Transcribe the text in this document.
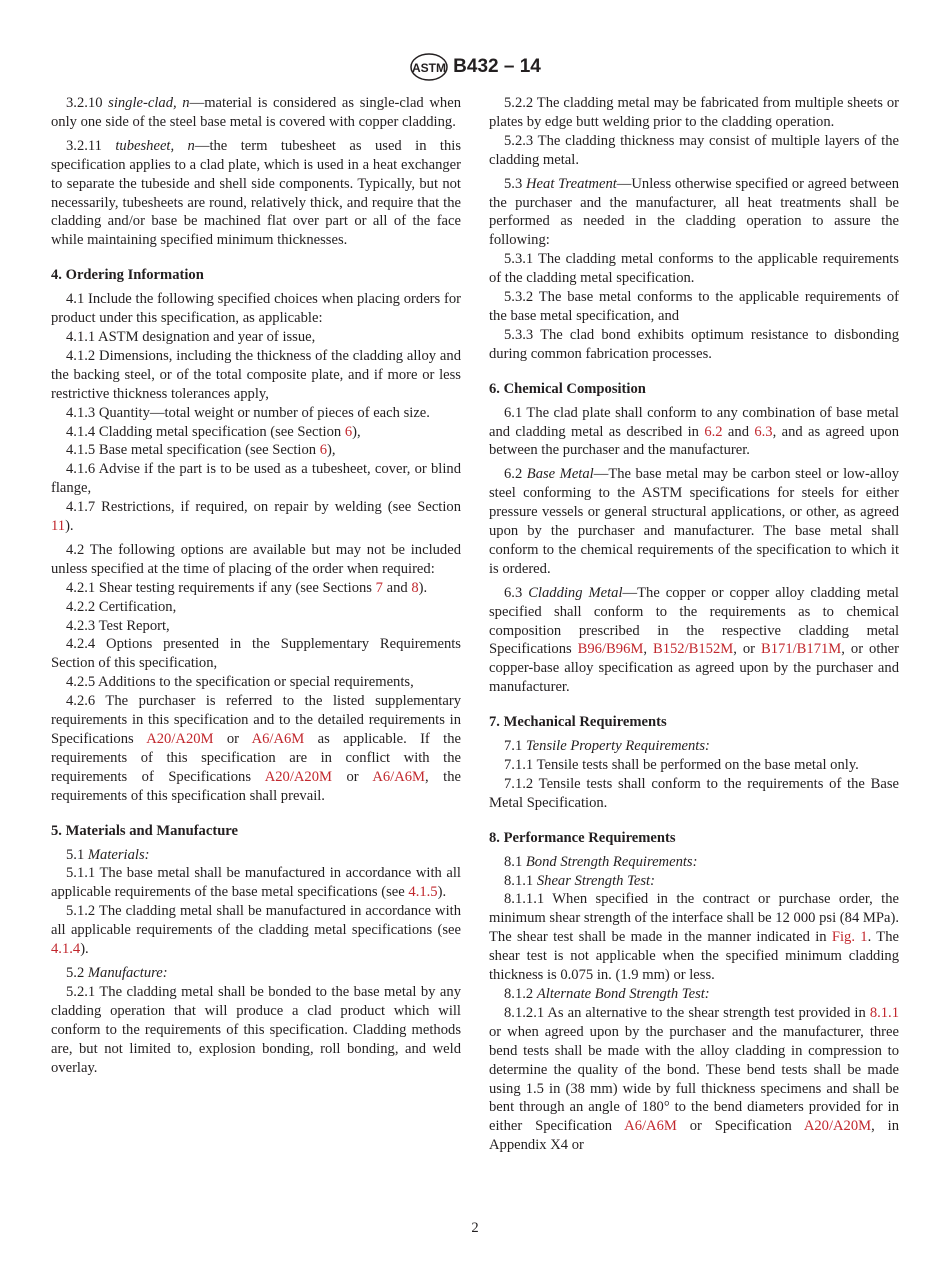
ASTM B432 – 14
3.2.10 single-clad, n—material is considered as single-clad when only one side of the steel base metal is covered with copper cladding.
3.2.11 tubesheet, n—the term tubesheet as used in this specification applies to a clad plate, which is used in a heat exchanger to separate the tubeside and shell side components. Typically, but not necessarily, tubesheets are round, relatively thick, and require that the cladding and/or base be machined flat over part or all of the face while maintaining specified minimum thicknesses.
4. Ordering Information
4.1 Include the following specified choices when placing orders for product under this specification, as applicable:
4.1.1 ASTM designation and year of issue,
4.1.2 Dimensions, including the thickness of the cladding alloy and the backing steel, or of the total composite plate, and if more or less restrictive thickness tolerances apply,
4.1.3 Quantity—total weight or number of pieces of each size.
4.1.4 Cladding metal specification (see Section 6),
4.1.5 Base metal specification (see Section 6),
4.1.6 Advise if the part is to be used as a tubesheet, cover, or blind flange,
4.1.7 Restrictions, if required, on repair by welding (see Section 11).
4.2 The following options are available but may not be included unless specified at the time of placing of the order when required:
4.2.1 Shear testing requirements if any (see Sections 7 and 8).
4.2.2 Certification,
4.2.3 Test Report,
4.2.4 Options presented in the Supplementary Requirements Section of this specification,
4.2.5 Additions to the specification or special requirements,
4.2.6 The purchaser is referred to the listed supplementary requirements in this specification and to the detailed requirements in Specifications A20/A20M or A6/A6M as applicable. If the requirements of this specification are in conflict with the requirements of Specifications A20/A20M or A6/A6M, the requirements of this specification shall prevail.
5. Materials and Manufacture
5.1 Materials:
5.1.1 The base metal shall be manufactured in accordance with all applicable requirements of the base metal specifications (see 4.1.5).
5.1.2 The cladding metal shall be manufactured in accordance with all applicable requirements of the cladding metal specifications (see 4.1.4).
5.2 Manufacture:
5.2.1 The cladding metal shall be bonded to the base metal by any cladding operation that will produce a clad product which will conform to the requirements of this specification. Cladding methods are, but not limited to, explosion bonding, roll bonding, and weld overlay.
5.2.2 The cladding metal may be fabricated from multiple sheets or plates by edge butt welding prior to the cladding operation.
5.2.3 The cladding thickness may consist of multiple layers of the cladding metal.
5.3 Heat Treatment—Unless otherwise specified or agreed between the purchaser and the manufacturer, all heat treatments shall be performed as needed in the cladding operation to assure the following:
5.3.1 The cladding metal conforms to the applicable requirements of the cladding metal specification.
5.3.2 The base metal conforms to the applicable requirements of the base metal specification, and
5.3.3 The clad bond exhibits optimum resistance to disbonding during common fabrication processes.
6. Chemical Composition
6.1 The clad plate shall conform to any combination of base metal and cladding metal as described in 6.2 and 6.3, and as agreed upon between the purchaser and the manufacturer.
6.2 Base Metal—The base metal may be carbon steel or low-alloy steel conforming to the ASTM specifications for steels for either pressure vessels or general structural applications, or other, as agreed upon by the purchaser and manufacturer. The base metal shall conform to the chemical requirements of the specification to which it is ordered.
6.3 Cladding Metal—The copper or copper alloy cladding metal specified shall conform to the requirements as to chemical composition prescribed in the respective cladding metal Specifications B96/B96M, B152/B152M, or B171/B171M, or other copper-base alloy specification as agreed upon by the purchaser and manufacturer.
7. Mechanical Requirements
7.1 Tensile Property Requirements:
7.1.1 Tensile tests shall be performed on the base metal only.
7.1.2 Tensile tests shall conform to the requirements of the Base Metal Specification.
8. Performance Requirements
8.1 Bond Strength Requirements:
8.1.1 Shear Strength Test:
8.1.1.1 When specified in the contract or purchase order, the minimum shear strength of the interface shall be 12 000 psi (84 MPa). The shear test shall be made in the manner indicated in Fig. 1. The shear test is not applicable when the specified minimum cladding thickness is 0.075 in. (1.9 mm) or less.
8.1.2 Alternate Bond Strength Test:
8.1.2.1 As an alternative to the shear strength test provided in 8.1.1 or when agreed upon by the purchaser and the manufacturer, three bend tests shall be made with the alloy cladding in compression to determine the quality of the bond. These bend tests shall be made using 1.5 in (38 mm) wide by full thickness specimens and shall be bent through an angle of 180° to the bend diameters provided for in either Specification A6/A6M or Specification A20/A20M, in Appendix X4 or
2
